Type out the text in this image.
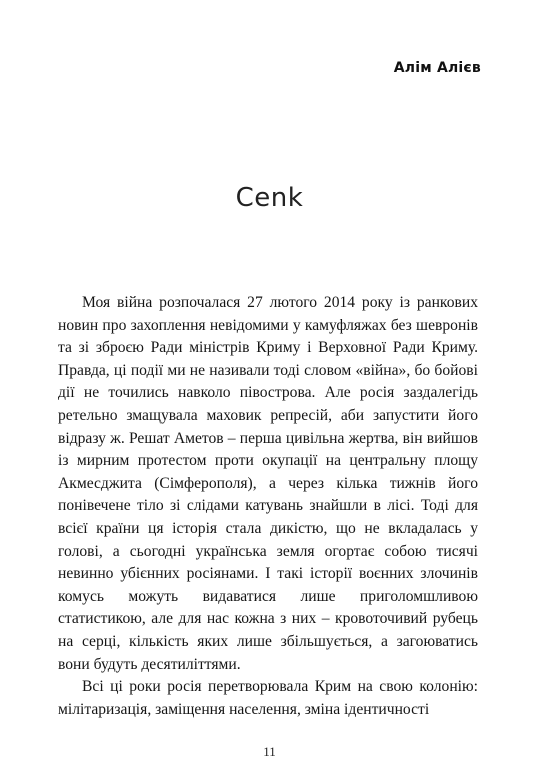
Алім Алієв
Cenk

Моя війна розпочалася 27 лютого 2014 року із ранкових новин про захоплення невідомими у камуфляжах без шевронів та зі зброєю Ради міністрів Криму і Верховної Ради Криму. Правда, ці події ми не називали тоді словом «війна», бо бойові дії не точились навколо півострова. Але росія заздалегідь ретельно змащувала маховик репресій, аби запустити його відразу ж. Решат Аметов – перша цивільна жертва, він вийшов із мирним протестом проти окупації на центральну площу Акмесджита (Сімферополя), а через кілька тижнів його понівечене тіло зі слідами катувань знайшли в лісі. Тоді для всієї країни ця історія стала дикістю, що не вкладалась у голові, а сьогодні українська земля огортає собою тисячі невинно убієнних росіянами. І такі історії воєнних злочинів комусь можуть видаватися лише приголомшливою статистикою, але для нас кожна з них – кровоточивий рубець на серці, кількість яких лише збільшується, а загоюватись вони будуть десятиліттями.

Всі ці роки росія перетворювала Крим на свою колонію: мілітаризація, заміщення населення, зміна ідентичності

11
